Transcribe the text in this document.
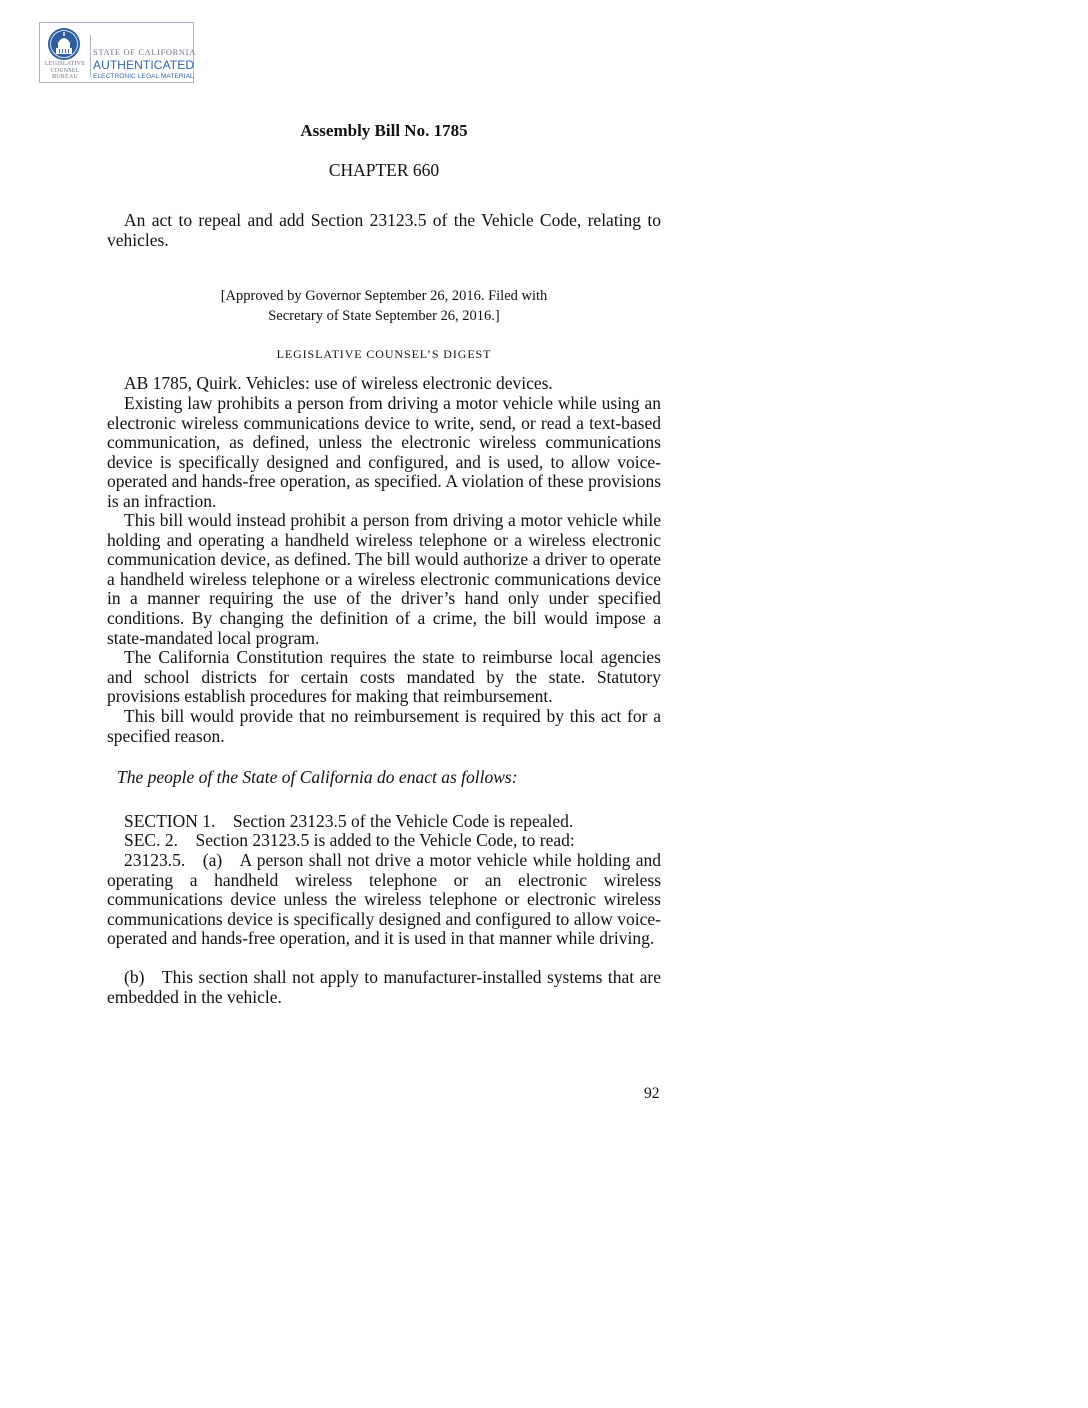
LEGISLATIVE
COUNSEL
BUREAU
STATE OF CALIFORNIA
AUTHENTICATED
ELECTRONIC LEGAL MATERIAL
Assembly Bill No. 1785
CHAPTER 660
An act to repeal and add Section 23123.5 of the Vehicle Code, relating to vehicles.
[Approved by Governor September 26, 2016. Filed with
Secretary of State September 26, 2016.]
LEGISLATIVE COUNSEL’S DIGEST
AB 1785, Quirk. Vehicles: use of wireless electronic devices.
Existing law prohibits a person from driving a motor vehicle while using an electronic wireless communications device to write, send, or read a text-based communication, as defined, unless the electronic wireless communications device is specifically designed and configured, and is used, to allow voice-operated and hands-free operation, as specified. A violation of these provisions is an infraction.
This bill would instead prohibit a person from driving a motor vehicle while holding and operating a handheld wireless telephone or a wireless electronic communication device, as defined. The bill would authorize a driver to operate a handheld wireless telephone or a wireless electronic communications device in a manner requiring the use of the driver’s hand only under specified conditions. By changing the definition of a crime, the bill would impose a state-mandated local program.
The California Constitution requires the state to reimburse local agencies and school districts for certain costs mandated by the state. Statutory provisions establish procedures for making that reimbursement.
This bill would provide that no reimbursement is required by this act for a specified reason.
The people of the State of California do enact as follows:
SECTION 1. Section 23123.5 of the Vehicle Code is repealed.
SEC. 2. Section 23123.5 is added to the Vehicle Code, to read:
23123.5. (a) A person shall not drive a motor vehicle while holding and operating a handheld wireless telephone or an electronic wireless communications device unless the wireless telephone or electronic wireless communications device is specifically designed and configured to allow voice-operated and hands-free operation, and it is used in that manner while driving.
(b) This section shall not apply to manufacturer-installed systems that are embedded in the vehicle.
92
